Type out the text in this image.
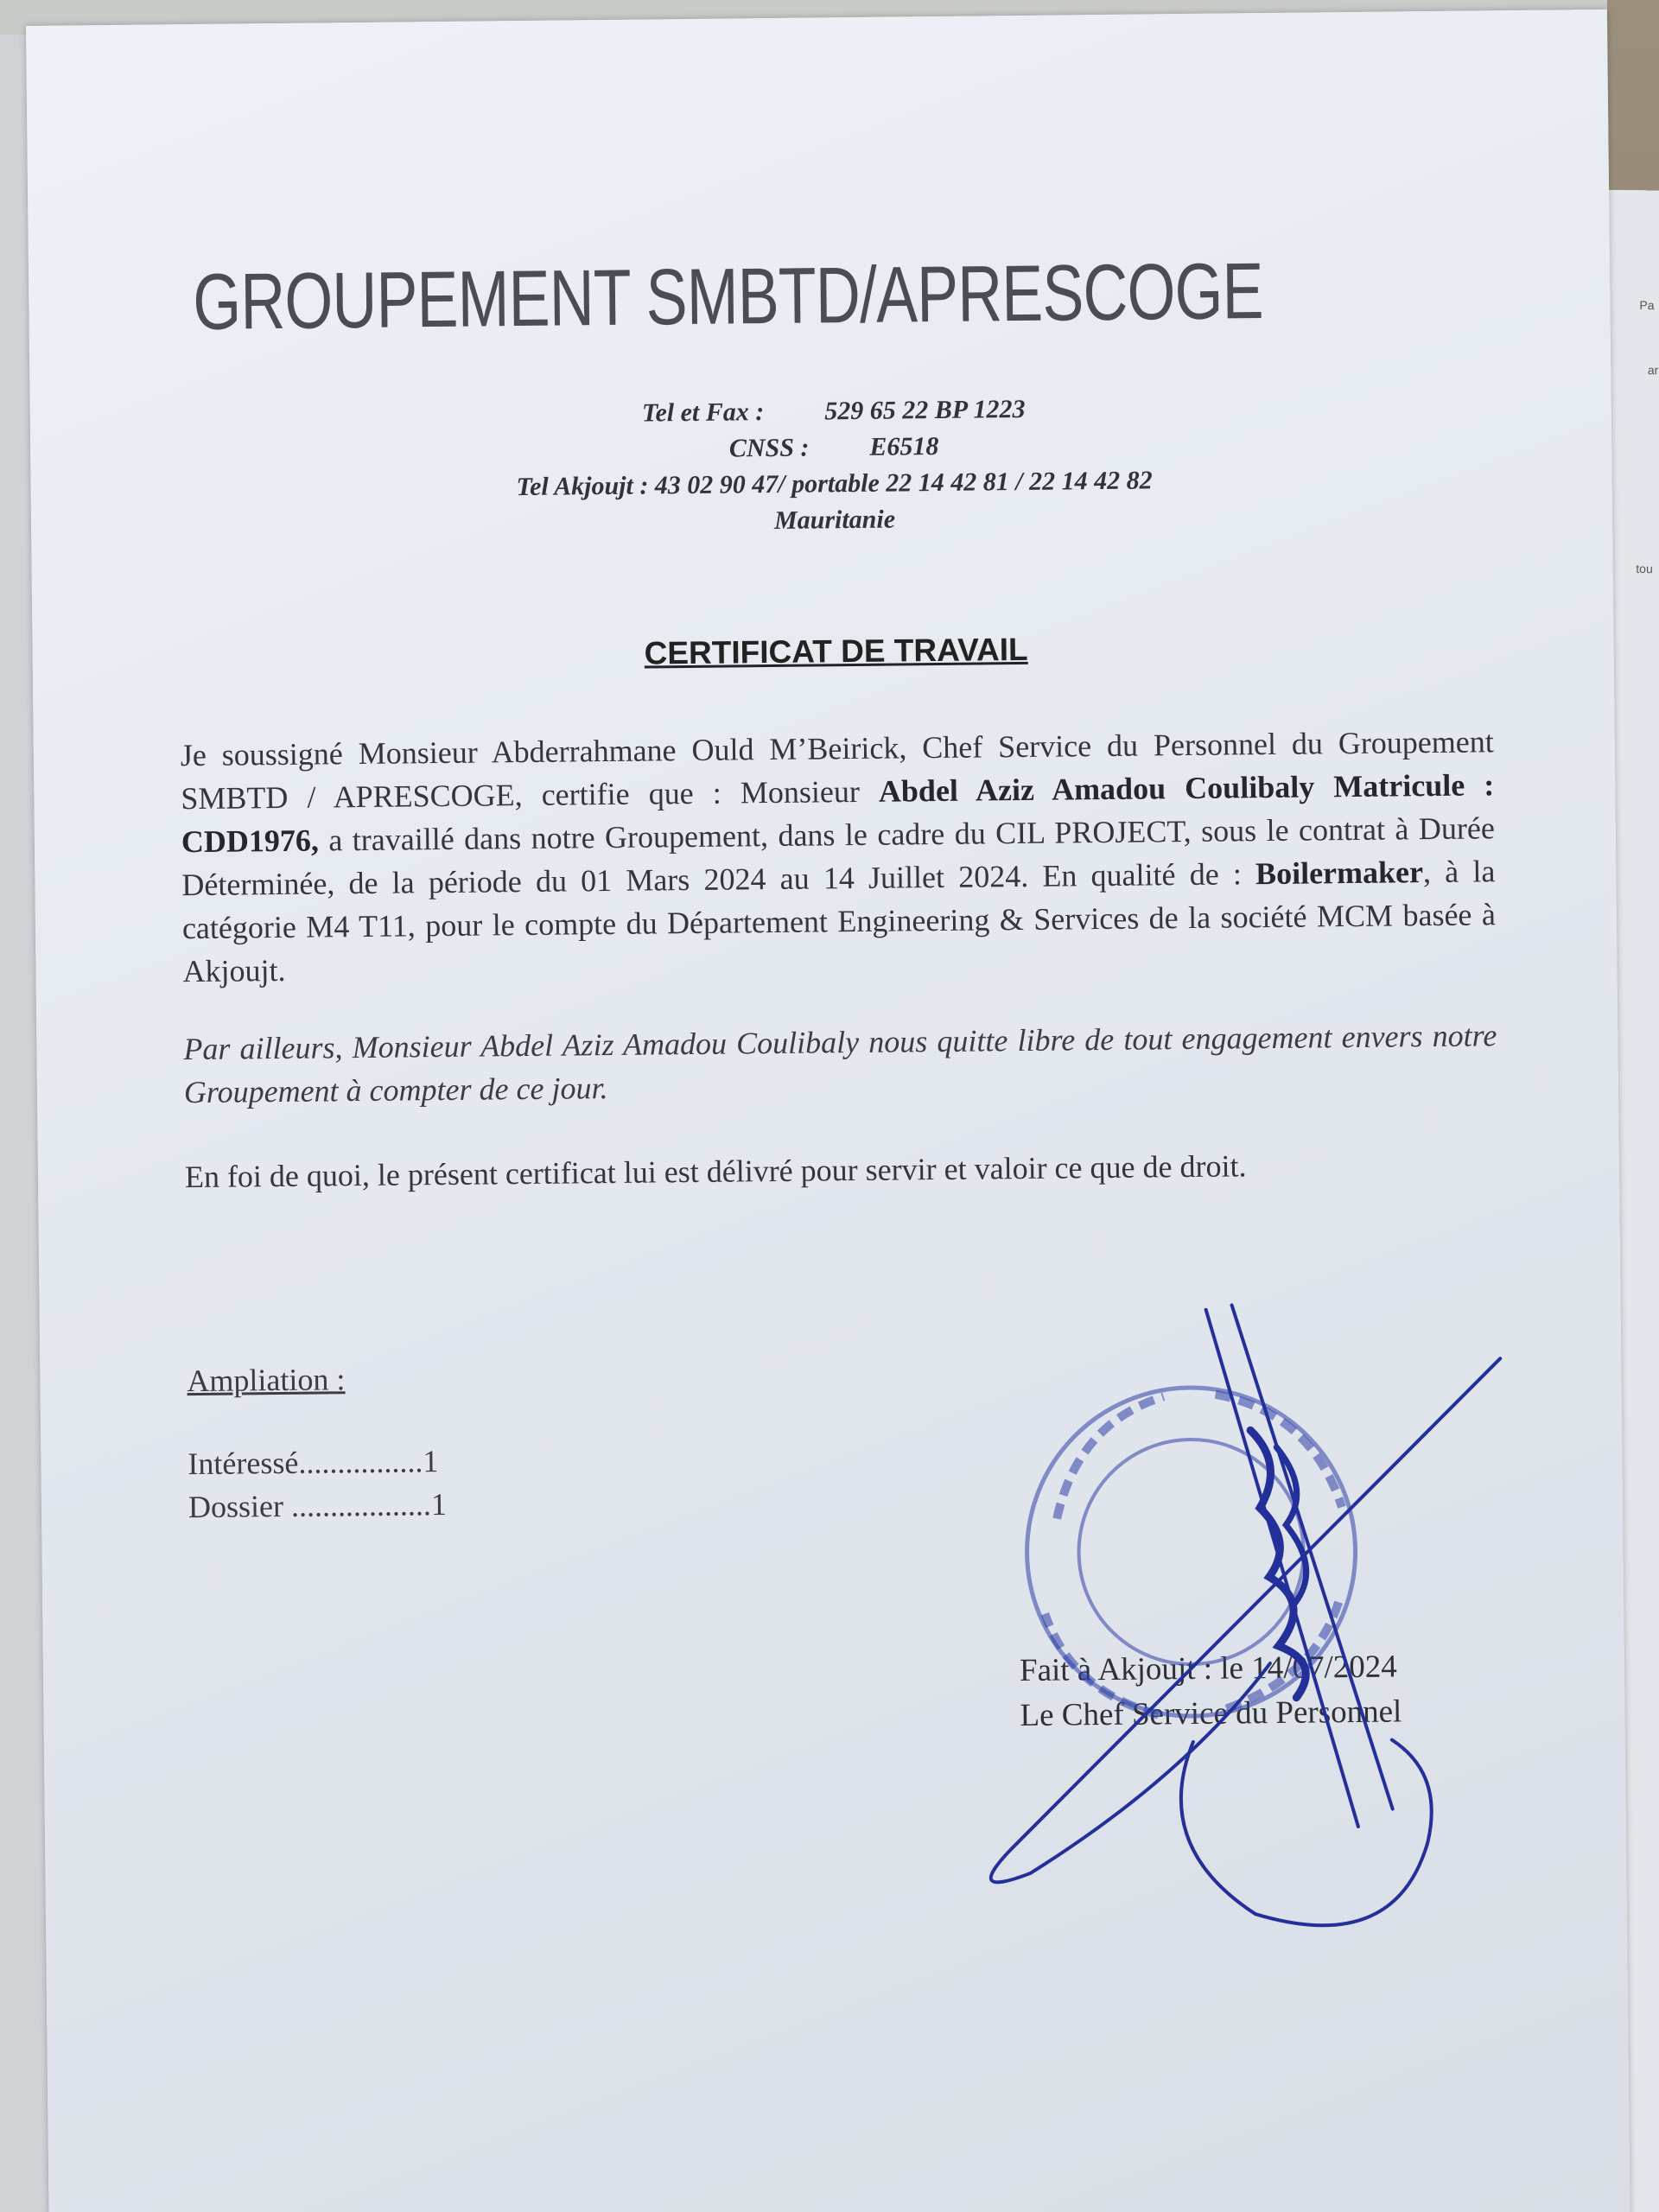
Pa
ar
tou
GROUPEMENT SMBTD/APRESCOGE
Tel et Fax : 529 65 22 BP 1223
CNSS : E6518
Tel Akjoujt : 43 02 90 47/ portable 22 14 42 81 / 22 14 42 82
Mauritanie
CERTIFICAT DE TRAVAIL
Je soussigné Monsieur Abderrahmane Ould M’Beirick, Chef Service du Personnel du Groupement SMBTD / APRESCOGE, certifie que : Monsieur Abdel Aziz Amadou Coulibaly Matricule : CDD1976, a travaillé dans notre Groupement, dans le cadre du CIL PROJECT, sous le contrat à Durée Déterminée, de la période du 01 Mars 2024 au 14 Juillet 2024. En qualité de : Boilermaker, à la catégorie M4 T11, pour le compte du Département Engineering & Services de la société MCM basée à Akjoujt.
Par ailleurs, Monsieur Abdel Aziz Amadou Coulibaly nous quitte libre de tout engagement envers notre Groupement à compter de ce jour.
En foi de quoi, le présent certificat lui est délivré pour servir et valoir ce que de droit.
Ampliation :
Intéressé................1
Dossier ..................1
Fait à Akjoujt : le 14/07/2024
Le Chef Service du Personnel
